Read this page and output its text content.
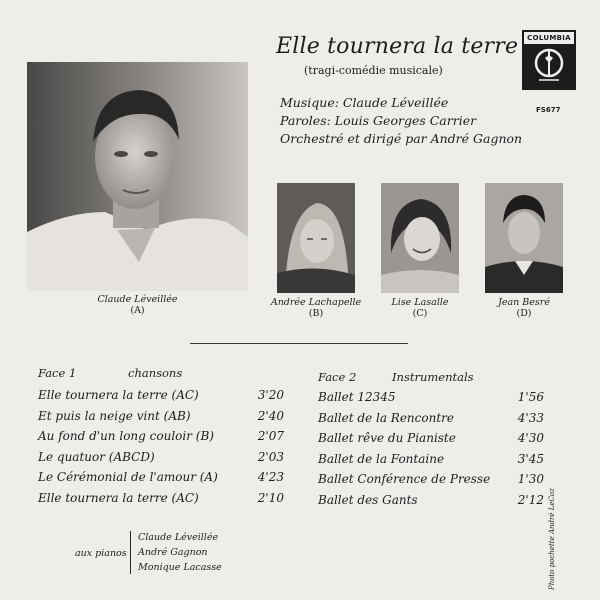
Elle tournera la terre
(tragi-comédie musicale)
Musique: Claude Léveillée
Paroles: Louis Georges Carrier
Orchestré et dirigé par André Gagnon
COLUMBIA
FS677
Claude Léveillée
(A)
Andrée Lachapelle
(B)
Lise Lasalle
(C)
Jean Besré
(D)
Face 1	chansons
Elle tournera la terre (AC)	3'20
Et puis la neige vint (AB)	2'40
Au fond d'un long couloir (B)	2'07
Le quatuor (ABCD)	2'03
Le Cérémonial de l'amour (A)	4'23
Elle tournera la terre (AC)	2'10
Face 2	Instrumentals
Ballet 12345	1'56
Ballet de la Rencontre	4'33
Ballet rêve du Pianiste	4'30
Ballet de la Fontaine	3'45
Ballet Conférence de Presse 1'30
Ballet des Gants	2'12
aux pianos
Claude Léveillée
André Gagnon
Monique Lacasse	Photo pochette André LeCoz
